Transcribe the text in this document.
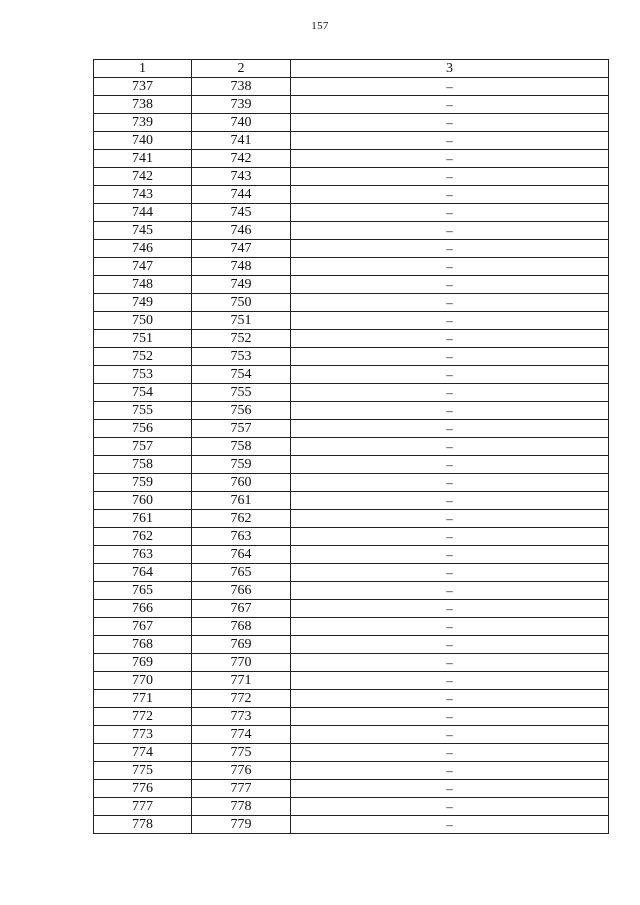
157
1	2	3
737	738	–
738	739	–
739	740	–
740	741	–
741	742	–
742	743	–
743	744	–
744	745	–
745	746	–
746	747	–
747	748	–
748	749	–
749	750	–
750	751	–
751	752	–
752	753	–
753	754	–
754	755	–
755	756	–
756	757	–
757	758	–
758	759	–
759	760	–
760	761	–
761	762	–
762	763	–
763	764	–
764	765	–
765	766	–
766	767	–
767	768	–
768	769	–
769	770	–
770	771	–
771	772	–
772	773	–
773	774	–
774	775	–
775	776	–
776	777	–
777	778	–
778	779	–
